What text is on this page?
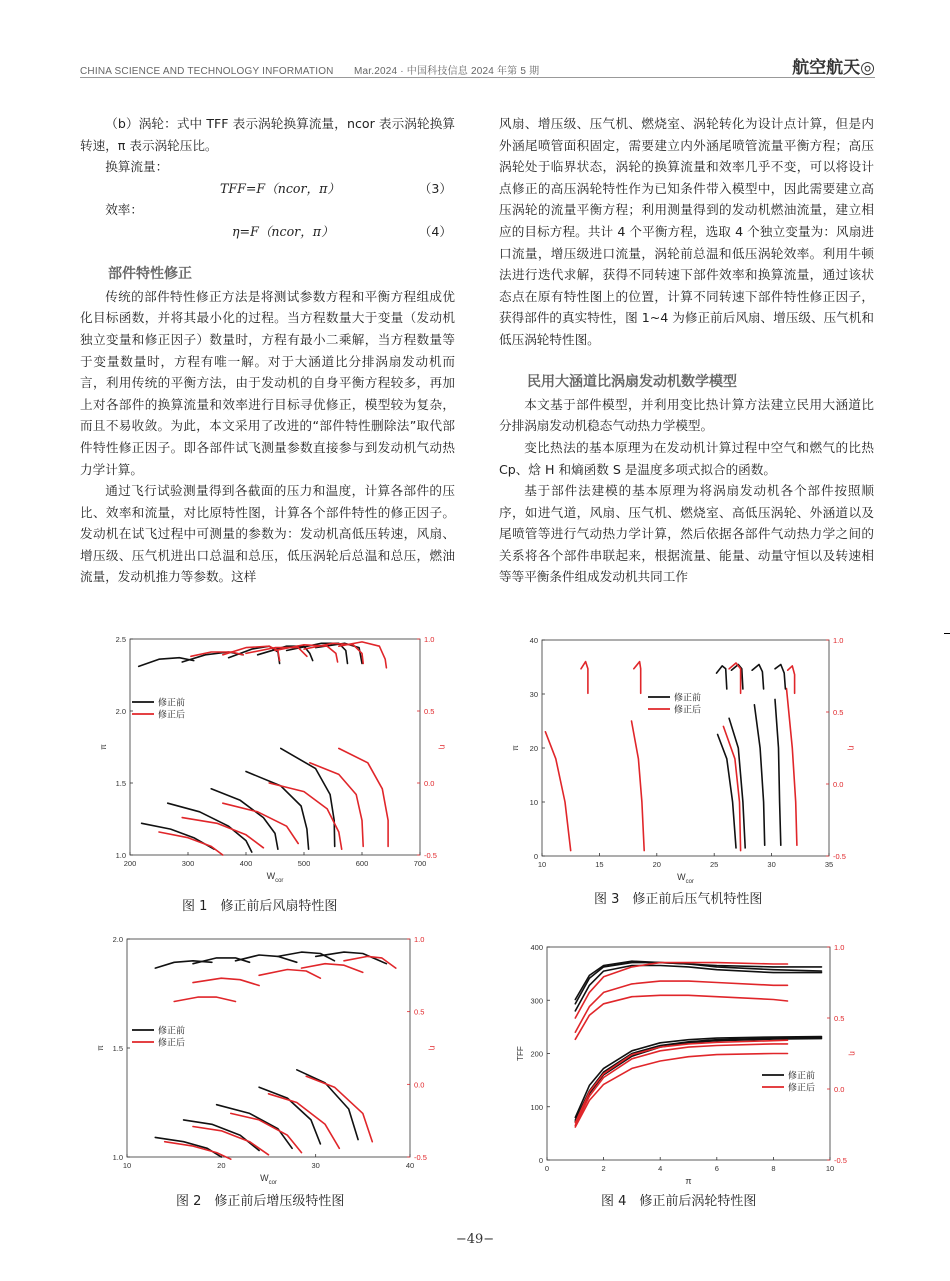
CHINA SCIENCE AND TECHNOLOGY INFORMATION　　 Mar.2024 · 中国科技信息 2024 年第 5 期	航空航天◎

（b）涡轮：式中 TFF 表示涡轮换算流量，ncor 表示涡轮换算转速，π 表示涡轮压比。

换算流量：

TFF=F（ncor，π）	（3）

效率：

η=F（ncor，π）	（4）
部件特性修正

传统的部件特性修正方法是将测试参数方程和平衡方程组成优化目标函数，并将其最小化的过程。当方程数量大于变量（发动机独立变量和修正因子）数量时，方程有最小二乘解，当方程数量等于变量数量时，方程有唯一解。对于大涵道比分排涡扇发动机而言，利用传统的平衡方法，由于发动机的自身平衡方程较多，再加上对各部件的换算流量和效率进行目标寻优修正，模型较为复杂，而且不易收敛。为此，本文采用了改进的“部件特性删除法”取代部件特性修正因子。即各部件试飞测量参数直接参与到发动机气动热力学计算。

通过飞行试验测量得到各截面的压力和温度，计算各部件的压比、效率和流量，对比原特性图，计算各个部件特性的修正因子。发动机在试飞过程中可测量的参数为：发动机高低压转速，风扇、增压级、压气机进出口总温和总压，低压涡轮后总温和总压，燃油流量，发动机推力等参数。这样

风扇、增压级、压气机、燃烧室、涡轮转化为设计点计算，但是内外涵尾喷管面积固定，需要建立内外涵尾喷管流量平衡方程；高压涡轮处于临界状态，涡轮的换算流量和效率几乎不变，可以将设计点修正的高压涡轮特性作为已知条件带入模型中，因此需要建立高压涡轮的流量平衡方程；利用测量得到的发动机燃油流量，建立相应的目标方程。共计 4 个平衡方程，选取 4 个独立变量为：风扇进口流量，增压级进口流量，涡轮前总温和低压涡轮效率。利用牛顿法进行迭代求解，获得不同转速下部件效率和换算流量，通过该状态点在原有特性图上的位置，计算不同转速下部件特性修正因子，获得部件的真实特性，图 1~4 为修正前后风扇、增压级、压气机和低压涡轮特性图。

民用大涵道比涡扇发动机数学模型

本文基于部件模型，并利用变比热计算方法建立民用大涵道比分排涡扇发动机稳态气动热力学模型。

变比热法的基本原理为在发动机计算过程中空气和燃气的比热 Cp、焓 H 和熵函数 S 是温度多项式拟合的函数。

基于部件法建模的基本原理为将涡扇发动机各个部件按照顺序，如进气道，风扇、压气机、燃烧室、高低压涡轮、外涵道以及尾喷管等进行气动热力学计算，然后依据各部件气动热力学之间的关系将各个部件串联起来，根据流量、能量、动量守恒以及转速相等等平衡条件组成发动机共同工作

200	300	400	500	600	700
1.0
1.5
2.0
2.5
-0.5
0.0
0.5
1.0
$W_{cor}$
π	η
修正前
修正后
图 1　修正前后风扇特性图
10	20	30	40
1.0
1.5
2.0
-0.5
0.0
0.5
1.0
$W_{cor}$
π	η
修正前
修正后
图 2　修正前后增压级特性图
10	15	20	25	30	35
0
10
20
30
40
-0.5
0.0
0.5
1.0
$W_{cor}$
π	η
修正前
修正后
图 3　修正前后压气机特性图
0	2	4	6	8	10
0
100
200
300
400
-0.5
0.0
0.5
1.0
π
TFF	η
修正前
修正后
图 4　修正前后涡轮特性图
−49−
